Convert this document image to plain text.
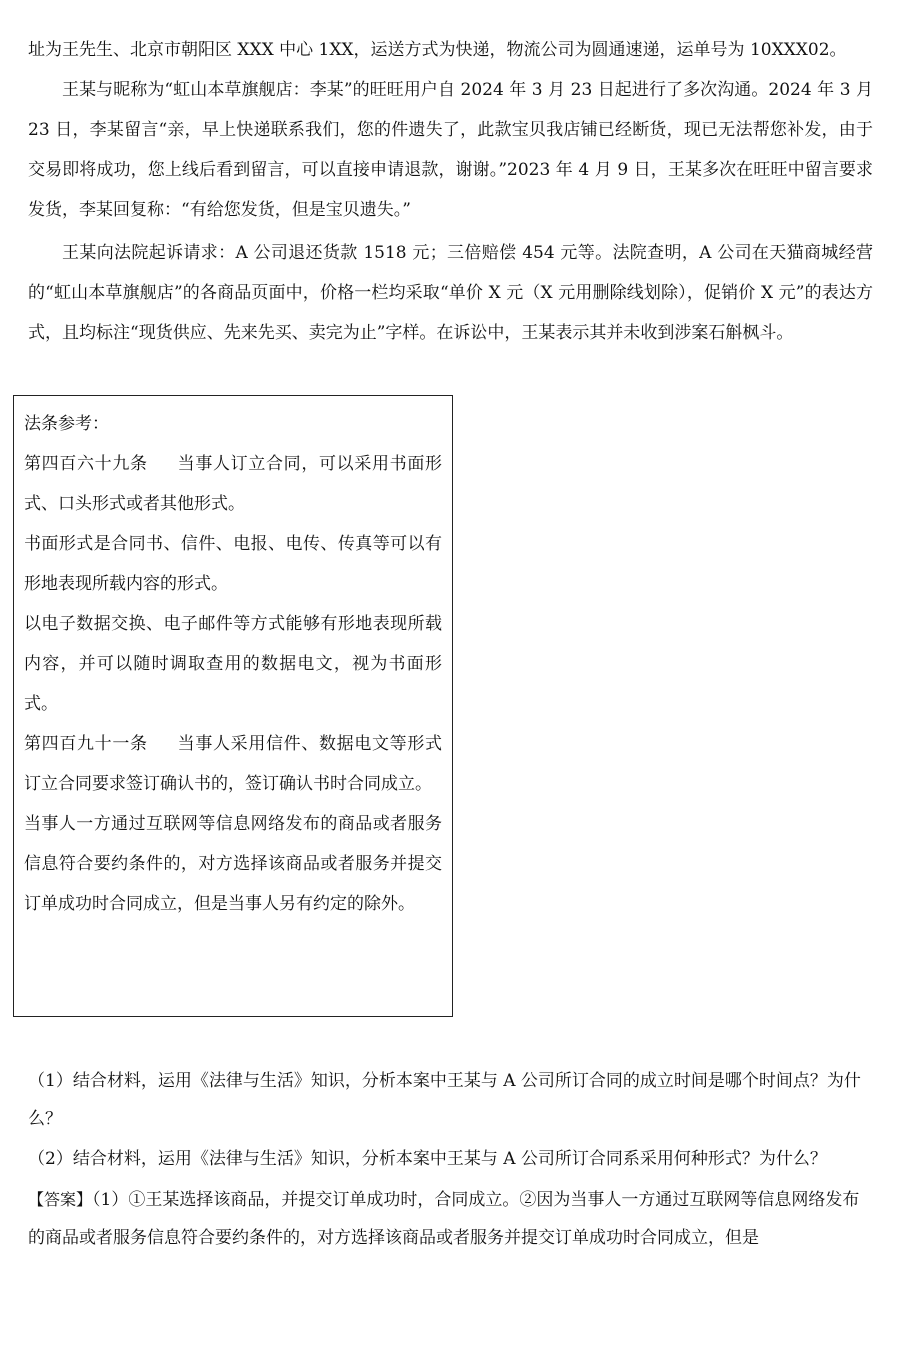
址为王先生、北京市朝阳区 XXX 中心 1XX，运送方式为快递，物流公司为圆通速递，运单号为 10XXX02。

王某与昵称为“虹山本草旗舰店：李某”的旺旺用户自 2024 年 3 月 23 日起进行了多次沟通。2024 年 3 月 23 日，李某留言“亲，早上快递联系我们，您的件遗失了，此款宝贝我店铺已经断货，现已无法帮您补发，由于交易即将成功，您上线后看到留言，可以直接申请退款，谢谢。”2023 年 4 月 9 日，王某多次在旺旺中留言要求发货，李某回复称：“有给您发货，但是宝贝遗失。”

王某向法院起诉请求：A 公司退还货款 1518 元；三倍赔偿 454 元等。法院查明，A 公司在天猫商城经营的“虹山本草旗舰店”的各商品页面中，价格一栏均采取“单价 X 元（X 元用删除线划除），促销价 X 元”的表达方式，且均标注“现货供应、先来先买、卖完为止”字样。在诉讼中，王某表示其并未收到涉案石斛枫斗。

法条参考：

第四百六十九条 当事人订立合同，可以采用书面形式、口头形式或者其他形式。

书面形式是合同书、信件、电报、电传、传真等可以有形地表现所载内容的形式。

以电子数据交换、电子邮件等方式能够有形地表现所载内容，并可以随时调取查用的数据电文，视为书面形式。

第四百九十一条 当事人采用信件、数据电文等形式订立合同要求签订确认书的，签订确认书时合同成立。

当事人一方通过互联网等信息网络发布的商品或者服务信息符合要约条件的，对方选择该商品或者服务并提交订单成功时合同成立，但是当事人另有约定的除外。

（1）结合材料，运用《法律与生活》知识，分析本案中王某与 A 公司所订合同的成立时间是哪个时间点？为什么？

（2）结合材料，运用《法律与生活》知识，分析本案中王某与 A 公司所订合同系采用何种形式？为什么？

【答案】（1）①王某选择该商品，并提交订单成功时，合同成立。②因为当事人一方通过互联网等信息网络发布的商品或者服务信息符合要约条件的，对方选择该商品或者服务并提交订单成功时合同成立，但是
